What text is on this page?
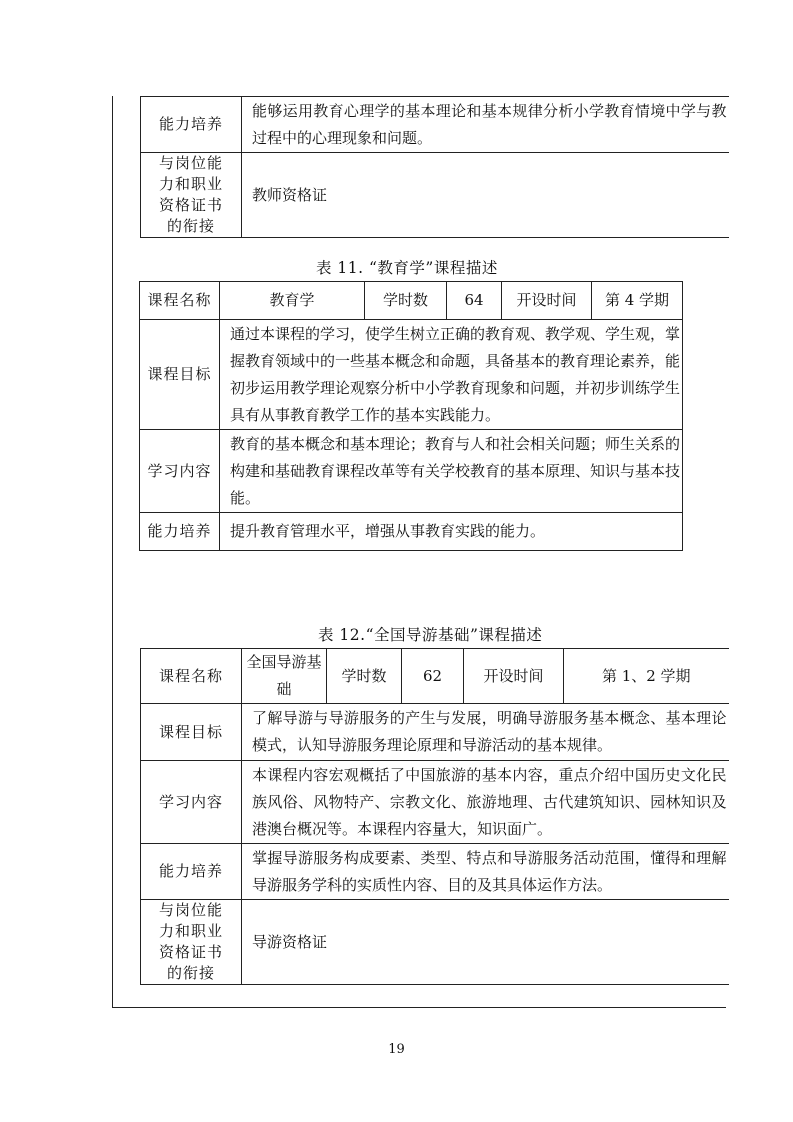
能力培养	能够运用教育心理学的基本理论和基本规律分析小学教育情境中学与教过程中的心理现象和问题。
与岗位能力和职业资格证书的衔接	教师资格证
表 11. “教育学”课程描述
课程名称	教育学	学时数	64	开设时间	第 4 学期
课程目标	通过本课程的学习，使学生树立正确的教育观、教学观、学生观，掌握教育领域中的一些基本概念和命题，具备基本的教育理论素养，能初步运用教学理论观察分析中小学教育现象和问题，并初步训练学生具有从事教育教学工作的基本实践能力。				
学习内容	教育的基本概念和基本理论；教育与人和社会相关问题；师生关系的构建和基础教育课程改革等有关学校教育的基本原理、知识与基本技能。				
能力培养	提升教育管理水平，增强从事教育实践的能力。				
表 12.“全国导游基础”课程描述
课程名称	全国导游基础	学时数	62	开设时间	第 1、2 学期
课程目标	了解导游与导游服务的产生与发展，明确导游服务基本概念、基本理论模式，认知导游服务理论原理和导游活动的基本规律。				
学习内容	本课程内容宏观概括了中国旅游的基本内容，重点介绍中国历史文化民族风俗、风物特产、宗教文化、旅游地理、古代建筑知识、园林知识及港澳台概况等。本课程内容量大，知识面广。				
能力培养	掌握导游服务构成要素、类型、特点和导游服务活动范围，懂得和理解导游服务学科的实质性内容、目的及其具体运作方法。				
与岗位能力和职业资格证书的衔接	导游资格证				
19
